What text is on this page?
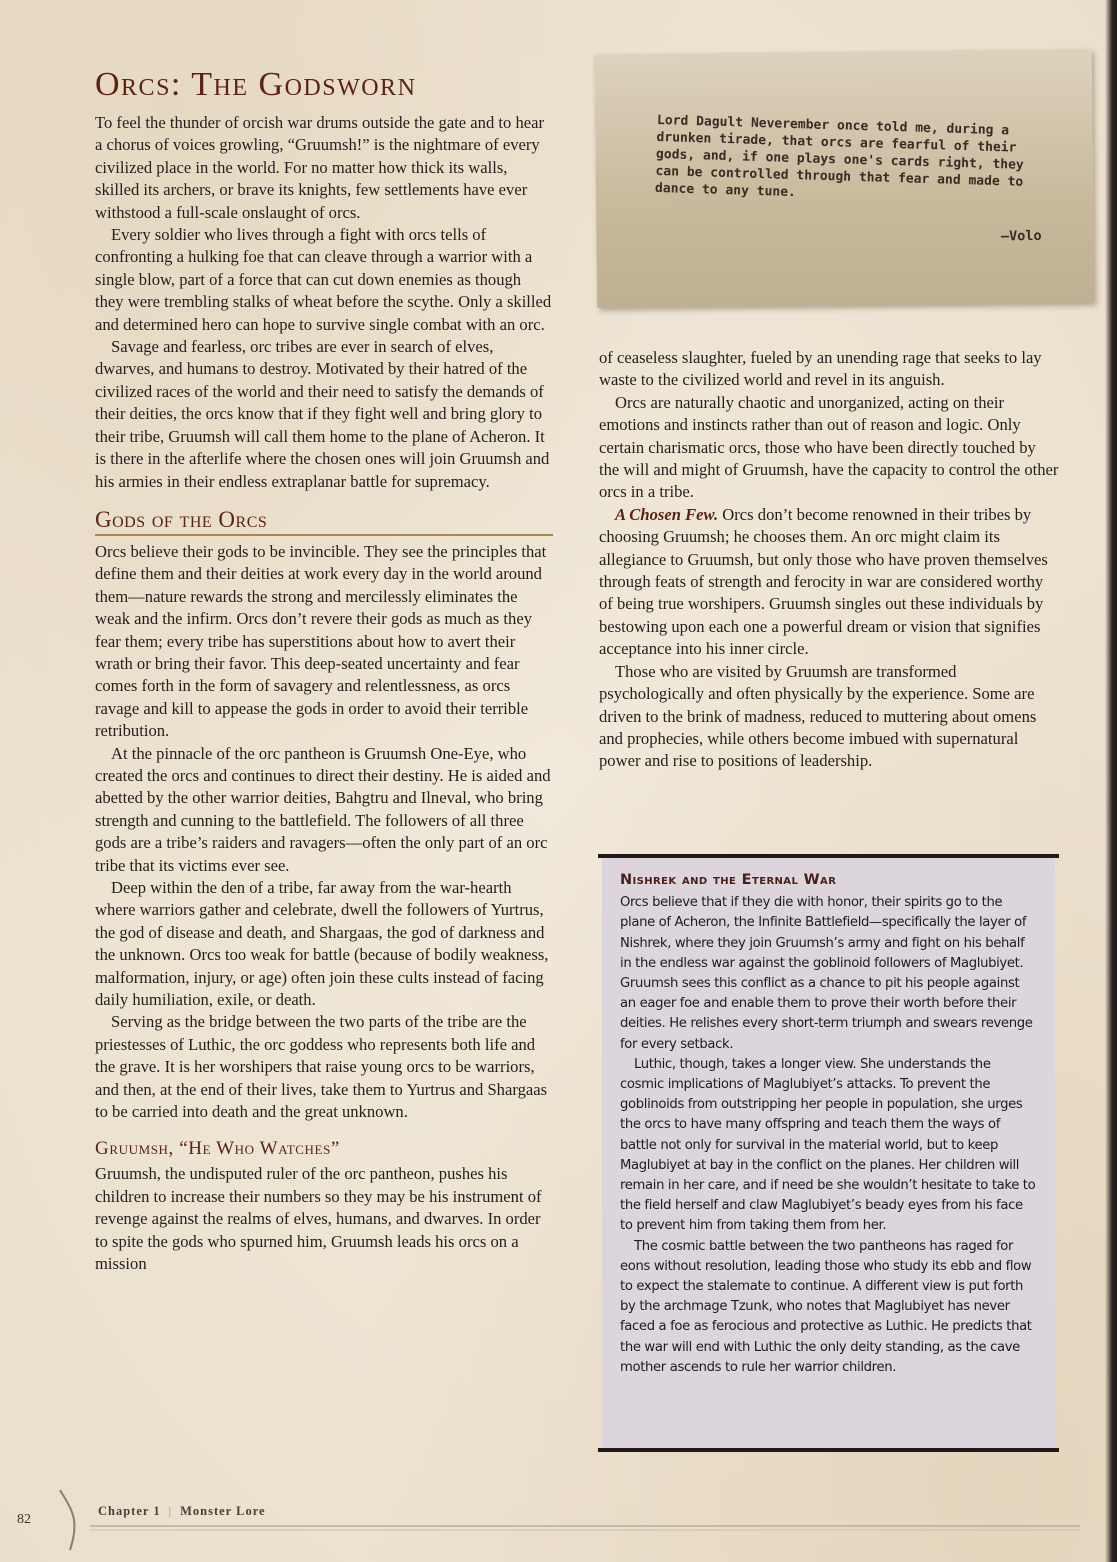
Orcs: The Godsworn

To feel the thunder of orcish war drums outside the gate and to hear a chorus of voices growling, “Gruumsh!” is the nightmare of every civilized place in the world. For no matter how thick its walls, skilled its archers, or brave its knights, few settlements have ever withstood a full-scale onslaught of orcs.

Every soldier who lives through a fight with orcs tells of confronting a hulking foe that can cleave through a warrior with a single blow, part of a force that can cut down enemies as though they were trembling stalks of wheat before the scythe. Only a skilled and determined hero can hope to survive single combat with an orc.

Savage and fearless, orc tribes are ever in search of elves, dwarves, and humans to destroy. Motivated by their hatred of the civilized races of the world and their need to satisfy the demands of their deities, the orcs know that if they fight well and bring glory to their tribe, Gruumsh will call them home to the plane of Acheron. It is there in the afterlife where the chosen ones will join Gruumsh and his armies in their endless extraplanar battle for supremacy.

Gods of the Orcs

Orcs believe their gods to be invincible. They see the principles that define them and their deities at work every day in the world around them—nature rewards the strong and mercilessly eliminates the weak and the infirm. Orcs don’t revere their gods as much as they fear them; every tribe has superstitions about how to avert their wrath or bring their favor. This deep-seated uncertainty and fear comes forth in the form of savagery and relentlessness, as orcs ravage and kill to appease the gods in order to avoid their terrible retribution.

At the pinnacle of the orc pantheon is Gruumsh One-Eye, who created the orcs and continues to direct their destiny. He is aided and abetted by the other warrior deities, Bahgtru and Ilneval, who bring strength and cunning to the battlefield. The followers of all three gods are a tribe’s raiders and ravagers—often the only part of an orc tribe that its victims ever see.

Deep within the den of a tribe, far away from the war-hearth where warriors gather and celebrate, dwell the followers of Yurtrus, the god of disease and death, and Shargaas, the god of darkness and the unknown. Orcs too weak for battle (because of bodily weakness, malformation, injury, or age) often join these cults instead of facing daily humiliation, exile, or death.

Serving as the bridge between the two parts of the tribe are the priestesses of Luthic, the orc goddess who represents both life and the grave. It is her worshipers that raise young orcs to be warriors, and then, at the end of their lives, take them to Yurtrus and Shargaas to be carried into death and the great unknown.

Gruumsh, “He Who Watches”

Gruumsh, the undisputed ruler of the orc pantheon, pushes his children to increase their numbers so they may be his instrument of revenge against the realms of elves, humans, and dwarves. In order to spite the gods who spurned him, Gruumsh leads his orcs on a mission

Lord Dagult Neverember once told me, during a drunken tirade, that orcs are fearful of their gods, and, if one plays one's cards right, they can be controlled through that fear and made to dance to any tune.
—Volo

of ceaseless slaughter, fueled by an unending rage that seeks to lay waste to the civilized world and revel in its anguish.

Orcs are naturally chaotic and unorganized, acting on their emotions and instincts rather than out of reason and logic. Only certain charismatic orcs, those who have been directly touched by the will and might of Gruumsh, have the capacity to control the other orcs in a tribe.

A Chosen Few. Orcs don’t become renowned in their tribes by choosing Gruumsh; he chooses them. An orc might claim its allegiance to Gruumsh, but only those who have proven themselves through feats of strength and ferocity in war are considered worthy of being true worshipers. Gruumsh singles out these individuals by bestowing upon each one a powerful dream or vision that signifies acceptance into his inner circle.

Those who are visited by Gruumsh are transformed psychologically and often physically by the experience. Some are driven to the brink of madness, reduced to muttering about omens and prophecies, while others become imbued with supernatural power and rise to positions of leadership.

Nishrek and the Eternal War

Orcs believe that if they die with honor, their spirits go to the plane of Acheron, the Infinite Battlefield—specifically the layer of Nishrek, where they join Gruumsh’s army and fight on his behalf in the endless war against the goblinoid followers of Maglubiyet. Gruumsh sees this conflict as a chance to pit his people against an eager foe and enable them to prove their worth before their deities. He relishes every short-term triumph and swears revenge for every setback.

Luthic, though, takes a longer view. She understands the cosmic implications of Maglubiyet’s attacks. To prevent the goblinoids from outstripping her people in population, she urges the orcs to have many offspring and teach them the ways of battle not only for survival in the material world, but to keep Maglubiyet at bay in the conflict on the planes. Her children will remain in her care, and if need be she wouldn’t hesitate to take to the field herself and claw Maglubiyet’s beady eyes from his face to prevent him from taking them from her.

The cosmic battle between the two pantheons has raged for eons without resolution, leading those who study its ebb and flow to expect the stalemate to continue. A different view is put forth by the archmage Tzunk, who notes that Maglubiyet has never faced a foe as ferocious and protective as Luthic. He predicts that the war will end with Luthic the only deity standing, as the cave mother ascends to rule her warrior children.

82
Chapter 1 | Monster Lore
